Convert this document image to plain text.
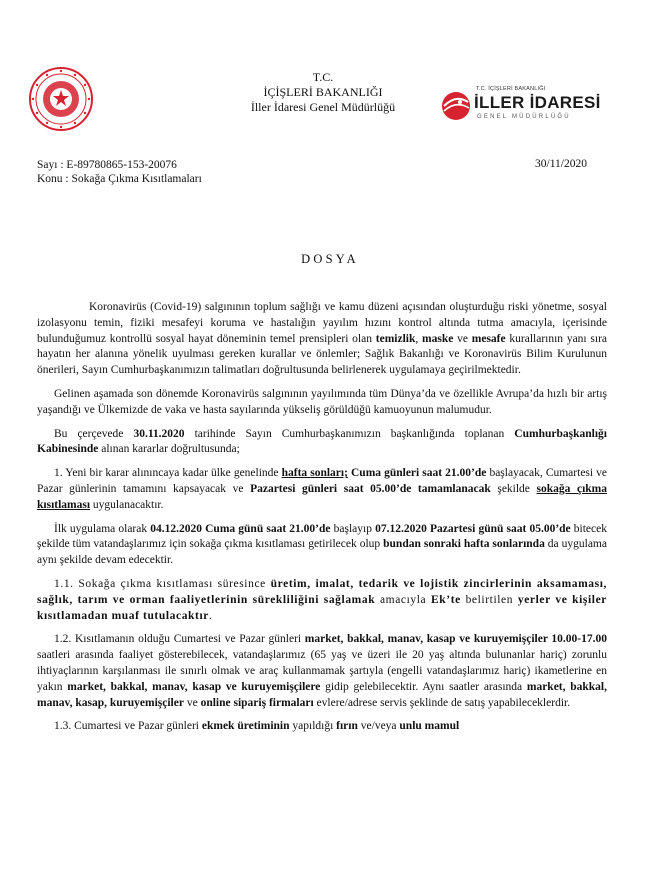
T.C.
İÇİŞLERİ BAKANLIĞI
İller İdaresi Genel Müdürlüğü
T.C. İÇİŞLERİ BAKANLIĞI
İLLER İDARESİ
GENEL MÜDÜRLÜĞÜ
Sayı : E-89780865-153-20076
Konu : Sokağa Çıkma Kısıtlamaları
30/11/2020
DOSYA

Koronavirüs (Covid-19) salgınının toplum sağlığı ve kamu düzeni açısından oluşturduğu riski yönetme, sosyal izolasyonu temin, fiziki mesafeyi koruma ve hastalığın yayılım hızını kontrol altında tutma amacıyla, içerisinde bulunduğumuz kontrollü sosyal hayat döneminin temel prensipleri olan temizlik, maske ve mesafe kurallarının yanı sıra hayatın her alanına yönelik uyulması gereken kurallar ve önlemler; Sağlık Bakanlığı ve Koronavirüs Bilim Kurulunun önerileri, Sayın Cumhurbaşkanımızın talimatları doğrultusunda belirlenerek uygulamaya geçirilmektedir.

Gelinen aşamada son dönemde Koronavirüs salgınının yayılımında tüm Dünya’da ve özellikle Avrupa’da hızlı bir artış yaşandığı ve Ülkemizde de vaka ve hasta sayılarında yükseliş görüldüğü kamuoyunun malumudur.

Bu çerçevede 30.11.2020 tarihinde Sayın Cumhurbaşkanımızın başkanlığında toplanan Cumhurbaşkanlığı Kabinesinde alınan kararlar doğrultusunda;

1. Yeni bir karar alınıncaya kadar ülke genelinde hafta sonları; Cuma günleri saat 21.00’de başlayacak, Cumartesi ve Pazar günlerinin tamamını kapsayacak ve Pazartesi günleri saat 05.00’de tamamlanacak şekilde sokağa çıkma kısıtlaması uygulanacaktır.

İlk uygulama olarak 04.12.2020 Cuma günü saat 21.00’de başlayıp 07.12.2020 Pazartesi günü saat 05.00’de bitecek şekilde tüm vatandaşlarımız için sokağa çıkma kısıtlaması getirilecek olup bundan sonraki hafta sonlarında da uygulama aynı şekilde devam edecektir.

1.1. Sokağa çıkma kısıtlaması süresince üretim, imalat, tedarik ve lojistik zincirlerinin aksamaması, sağlık, tarım ve orman faaliyetlerinin sürekliliğini sağlamak amacıyla Ek’te belirtilen yerler ve kişiler kısıtlamadan muaf tutulacaktır.

1.2. Kısıtlamanın olduğu Cumartesi ve Pazar günleri market, bakkal, manav, kasap ve kuruyemişçiler 10.00-17.00 saatleri arasında faaliyet gösterebilecek, vatandaşlarımız (65 yaş ve üzeri ile 20 yaş altında bulunanlar hariç) zorunlu ihtiyaçlarının karşılanması ile sınırlı olmak ve araç kullanmamak şartıyla (engelli vatandaşlarımız hariç) ikametlerine en yakın market, bakkal, manav, kasap ve kuruyemişçilere gidip gelebilecektir. Aynı saatler arasında market, bakkal, manav, kasap, kuruyemişçiler ve online sipariş firmaları evlere/adrese servis şeklinde de satış yapabileceklerdir.

1.3. Cumartesi ve Pazar günleri ekmek üretiminin yapıldığı fırın ve/veya unlu mamul
